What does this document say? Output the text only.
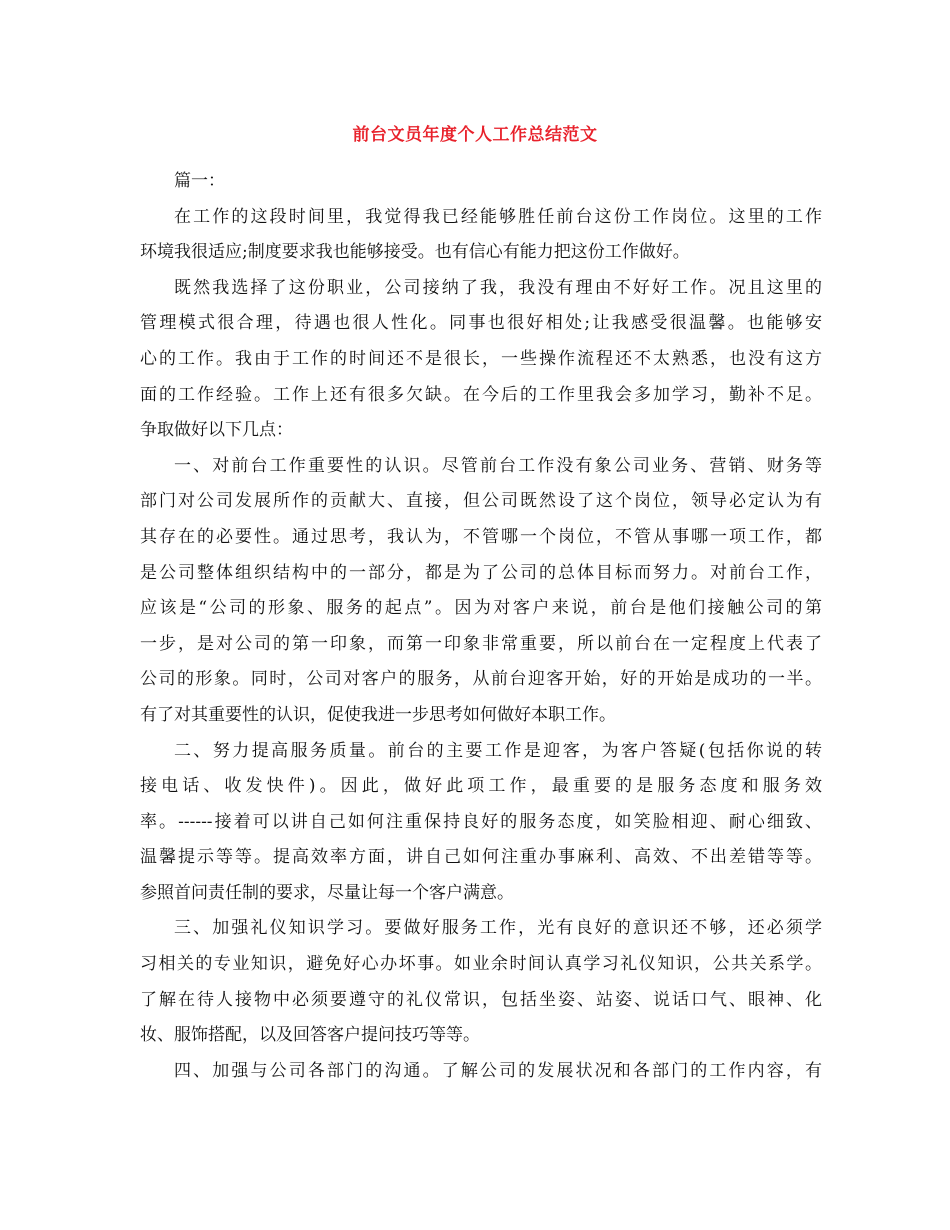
前台文员年度个人工作总结范文
篇一：
在工作的这段时间里，我觉得我已经能够胜任前台这份工作岗位。这里的工作
环境我很适应;制度要求我也能够接受。也有信心有能力把这份工作做好。
既然我选择了这份职业，公司接纳了我，我没有理由不好好工作。况且这里的
管理模式很合理，待遇也很人性化。同事也很好相处;让我感受很温馨。也能够安
心的工作。我由于工作的时间还不是很长，一些操作流程还不太熟悉，也没有这方
面的工作经验。工作上还有很多欠缺。在今后的工作里我会多加学习，勤补不足。
争取做好以下几点：
一、对前台工作重要性的认识。尽管前台工作没有象公司业务、营销、财务等
部门对公司发展所作的贡献大、直接，但公司既然设了这个岗位，领导必定认为有
其存在的必要性。通过思考，我认为，不管哪一个岗位，不管从事哪一项工作，都
是公司整体组织结构中的一部分，都是为了公司的总体目标而努力。对前台工作，
应该是“公司的形象、服务的起点”。因为对客户来说，前台是他们接触公司的第
一步，是对公司的第一印象，而第一印象非常重要，所以前台在一定程度上代表了
公司的形象。同时，公司对客户的服务，从前台迎客开始，好的开始是成功的一半。
有了对其重要性的认识，促使我进一步思考如何做好本职工作。
二、努力提高服务质量。前台的主要工作是迎客，为客户答疑(包括你说的转
接电话、收发快件)。因此，做好此项工作，最重要的是服务态度和服务效
率。------接着可以讲自己如何注重保持良好的服务态度，如笑脸相迎、耐心细致、
温馨提示等等。提高效率方面，讲自己如何注重办事麻利、高效、不出差错等等。
参照首问责任制的要求，尽量让每一个客户满意。
三、加强礼仪知识学习。要做好服务工作，光有良好的意识还不够，还必须学
习相关的专业知识，避免好心办坏事。如业余时间认真学习礼仪知识，公共关系学。
了解在待人接物中必须要遵守的礼仪常识，包括坐姿、站姿、说话口气、眼神、化
妆、服饰搭配，以及回答客户提问技巧等等。
四、加强与公司各部门的沟通。了解公司的发展状况和各部门的工作内容，有
